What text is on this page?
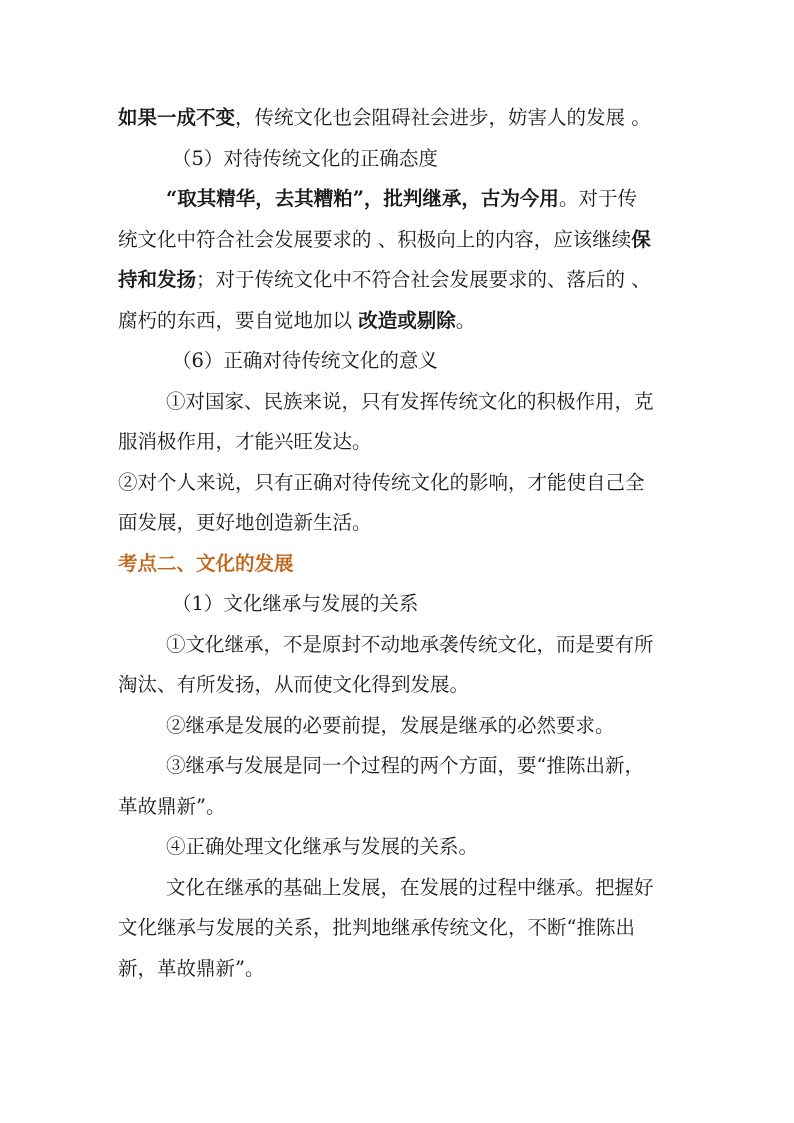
如果一成不变，传统文化也会阻碍社会进步，妨害人的发展 。
（5）对待传统文化的正确态度
“取其精华，去其糟粕”，批判继承，古为今用。对于传
统文化中符合社会发展要求的 、积极向上的内容，应该继续保
持和发扬；对于传统文化中不符合社会发展要求的、落后的 、
腐朽的东西，要自觉地加以 改造或剔除。
（6）正确对待传统文化的意义
①对国家、民族来说，只有发挥传统文化的积极作用，克
服消极作用，才能兴旺发达。
②对个人来说，只有正确对待传统文化的影响，才能使自己全
面发展，更好地创造新生活。
考点二、文化的发展
（1）文化继承与发展的关系
①文化继承，不是原封不动地承袭传统文化，而是要有所
淘汰、有所发扬，从而使文化得到发展。
②继承是发展的必要前提，发展是继承的必然要求。
③继承与发展是同一个过程的两个方面，要“推陈出新，
革故鼎新”。
④正确处理文化继承与发展的关系。
文化在继承的基础上发展，在发展的过程中继承。把握好
文化继承与发展的关系，批判地继承传统文化，不断“推陈出
新，革故鼎新”。
